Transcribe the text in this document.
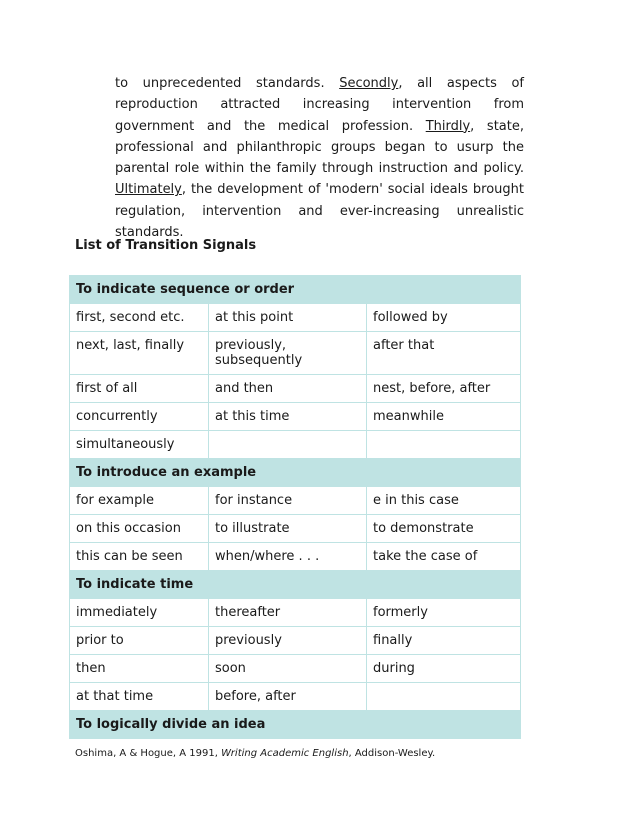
to unprecedented standards. Secondly, all aspects of reproduction attracted increasing intervention from government and the medical profession. Thirdly, state, professional and philanthropic groups began to usurp the parental role within the family through instruction and policy. Ultimately, the development of 'modern' social ideals brought regulation, intervention and ever-increasing unrealistic standards.

List of Transition Signals

To indicate sequence or order		
first, second etc.	at this point	followed by
next, last, finally	previously, subsequently	after that
first of all	and then	nest, before, after
concurrently	at this time	meanwhile
simultaneously		
To introduce an example		
for example	for instance	e in this case
on this occasion	to illustrate	to demonstrate
this can be seen	when/where . . .	take the case of
To indicate time		
immediately	thereafter	formerly
prior to	previously	finally
then	soon	during
at that time	before, after	
To logically divide an idea		

Oshima, A & Hogue, A 1991, Writing Academic English, Addison-Wesley.
